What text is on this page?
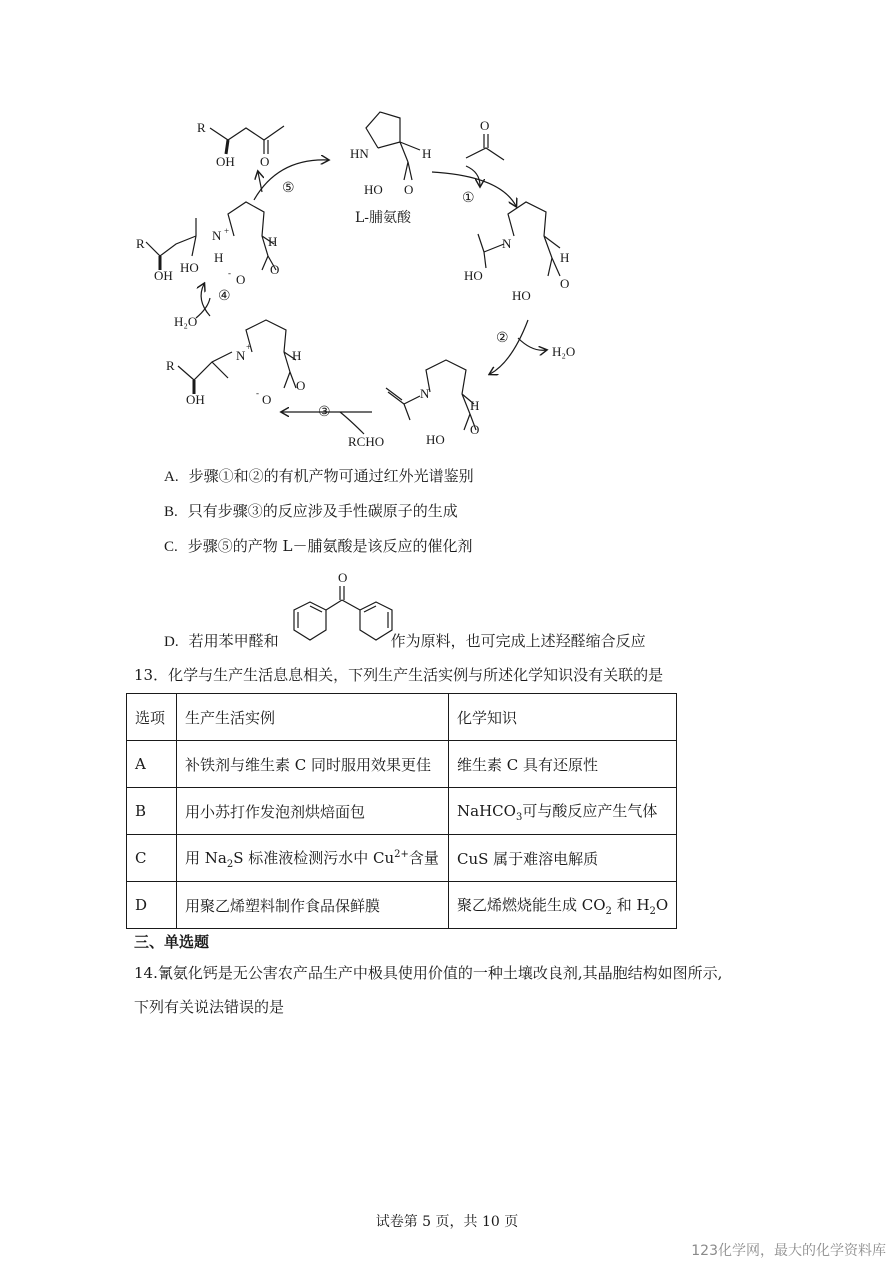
HN	H
HO O
L-脯氨酸
R
OH O
O
N
H
HO
HO
O
N
H
HO
O
R
OH
N
+
H
O
-	O
R
OH
HO
N +
H
H
O
-	O
①
②
H₂O
③
RCHO
④
H₂O
⑤
A. 步骤①和②的有机产物可通过红外光谱鉴别
B. 只有步骤③的反应涉及手性碳原子的生成
C. 步骤⑤的产物 L－脯氨酸是该反应的催化剂
O
D. 若用苯甲醛和	作为原料，也可完成上述羟醛缩合反应
13．化学与生产生活息息相关，下列生产生活实例与所述化学知识没有关联的是
选项	生产生活实例	化学知识
A	补铁剂与维生素 C 同时服用效果更佳	维生素 C 具有还原性
B	用小苏打作发泡剂烘焙面包	NaHCO$_3$可与酸反应产生气体
C	用 $Na_2S$ 标准液检测污水中 $Cu^{2+}$含量	CuS 属于难溶电解质
D	用聚乙烯塑料制作食品保鲜膜	聚乙烯燃烧能生成 $CO_2$ 和 $H_2O$
三、单选题
14.氰氨化钙是无公害农产品生产中极具使用价值的一种土壤改良剂,其晶胞结构如图所示,
下列有关说法错误的是
试卷第 5 页，共 10 页
123化学网，最大的化学资料库
